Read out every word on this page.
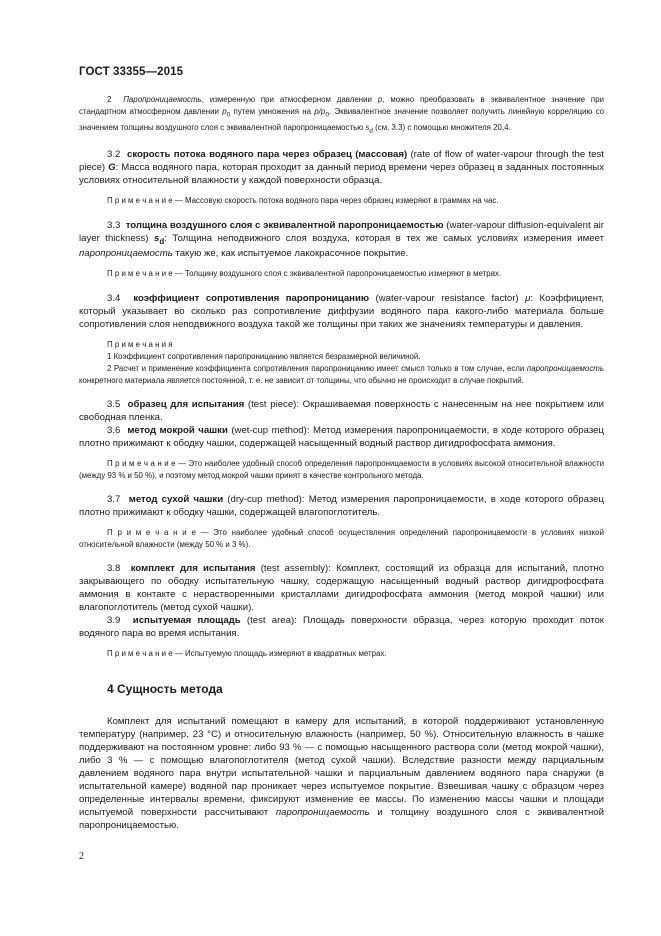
ГОСТ 33355—2015

2 Паропроницаемость, измеренную при атмосферном давлении p, можно преобразовать в эквивалентное значение при стандартном атмосферном давлении $p_0$ путем умножения на $p/p_0$. Эквивалентное значение позволяет получить линейную корреляцию со значением толщины воздушного слоя с эквивалентной паропроницаемостью $s_d$ (см. 3.3) с помощью множителя 20,4.

3.2 скорость потока водяного пара через образец (массовая) (rate of flow of water-vapour through the test piece) G: Масса водяного пара, которая проходит за данный период времени через образец в заданных постоянных условиях относительной влажности у каждой поверхности образца.

П р и м е ч а н и е — Массовую скорость потока водяного пара через образец измеряют в граммах на час.

3.3 толщина воздушного слоя с эквивалентной паропроницаемостью (water-vapour diffusion-equivalent air layer thickness) $s_d$: Толщина неподвижного слоя воздуха, которая в тех же самых условиях измерения имеет паропроницаемость такую же, как испытуемое лакокрасочное покрытие.

П р и м е ч а н и е — Толщину воздушного слоя с эквивалентной паропроницаемостью измеряют в метрах.

3.4 коэффициент сопротивления паропроницанию (water-vapour resistance factor) μ: Коэффициент, который указывает во сколько раз сопротивление диффузии водяного пара какого-либо материала больше сопротивления слоя неподвижного воздуха такой же толщины при таких же значениях температуры и давления.

П р и м е ч а н и я

1 Коэффициент сопротивления паропроницанию является безразмерной величиной.

2 Расчет и применение коэффициента сопротивления паропроницанию имеет смысл только в том случае, если паропроницаемость конкретного материала является постоянной, т. е. не зависит от толщины, что обычно не происходит в случае покрытий.

3.5 образец для испытания (test piece): Окрашиваемая поверхность с нанесенным на нее покрытием или свободная пленка.

3.6 метод мокрой чашки (wet-cup method): Метод измерения паропроницаемости, в ходе которого образец плотно прижимают к ободку чашки, содержащей насыщенный водный раствор дигидрофосфата аммония.

П р и м е ч а н и е — Это наиболее удобный способ определения паропроницаемости в условиях высокой относительной влажности (между 93 % и 50 %), и поэтому метод мокрой чашки принят в качестве контрольного метода.

3.7 метод сухой чашки (dry-cup method): Метод измерения паропроницаемости, в ходе которого образец плотно прижимают к ободку чашки, содержащей влагопоглотитель.

П р и м е ч а н и е — Это наиболее удобный способ осуществления определений паропроницаемости в условиях низкой относительной влажности (между 50 % и 3 %).

3.8 комплект для испытания (test assembly): Комплект, состоящий из образца для испытаний, плотно закрывающего по ободку испытательную чашку, содержащую насыщенный водный раствор дигидрофосфата аммония в контакте с нерастворенными кристаллами дигидрофосфата аммония (метод мокрой чашки) или влагопоглотитель (метод сухой чашки).

3.9 испытуемая площадь (test area): Площадь поверхности образца, через которую проходит поток водяного пара во время испытания.

П р и м е ч а н и е — Испытуемую площадь измеряют в квадратных метрах.

4 Сущность метода

Комплект для испытаний помещают в камеру для испытаний, в которой поддерживают установленную температуру (например, 23 °С) и относительную влажность (например, 50 %). Относительную влажность в чашке поддерживают на постоянном уровне: либо 93 % — с помощью насыщенного раствора соли (метод мокрой чашки), либо 3 % — с помощью влагопоглотителя (метод сухой чашки). Вследствие разности между парциальным давлением водяного пара внутри испытательной чашки и парциальным давлением водяного пара снаружи (в испытательной камере) водяной пар проникает через испытуемое покрытие. Взвешивая чашку с образцом через определенные интервалы времени, фиксируют изменение ее массы. По изменению массы чашки и площади испытуемой поверхности рассчитывают паропроницаемость и толщину воздушного слоя с эквивалентной паропроницаемостью.

2
